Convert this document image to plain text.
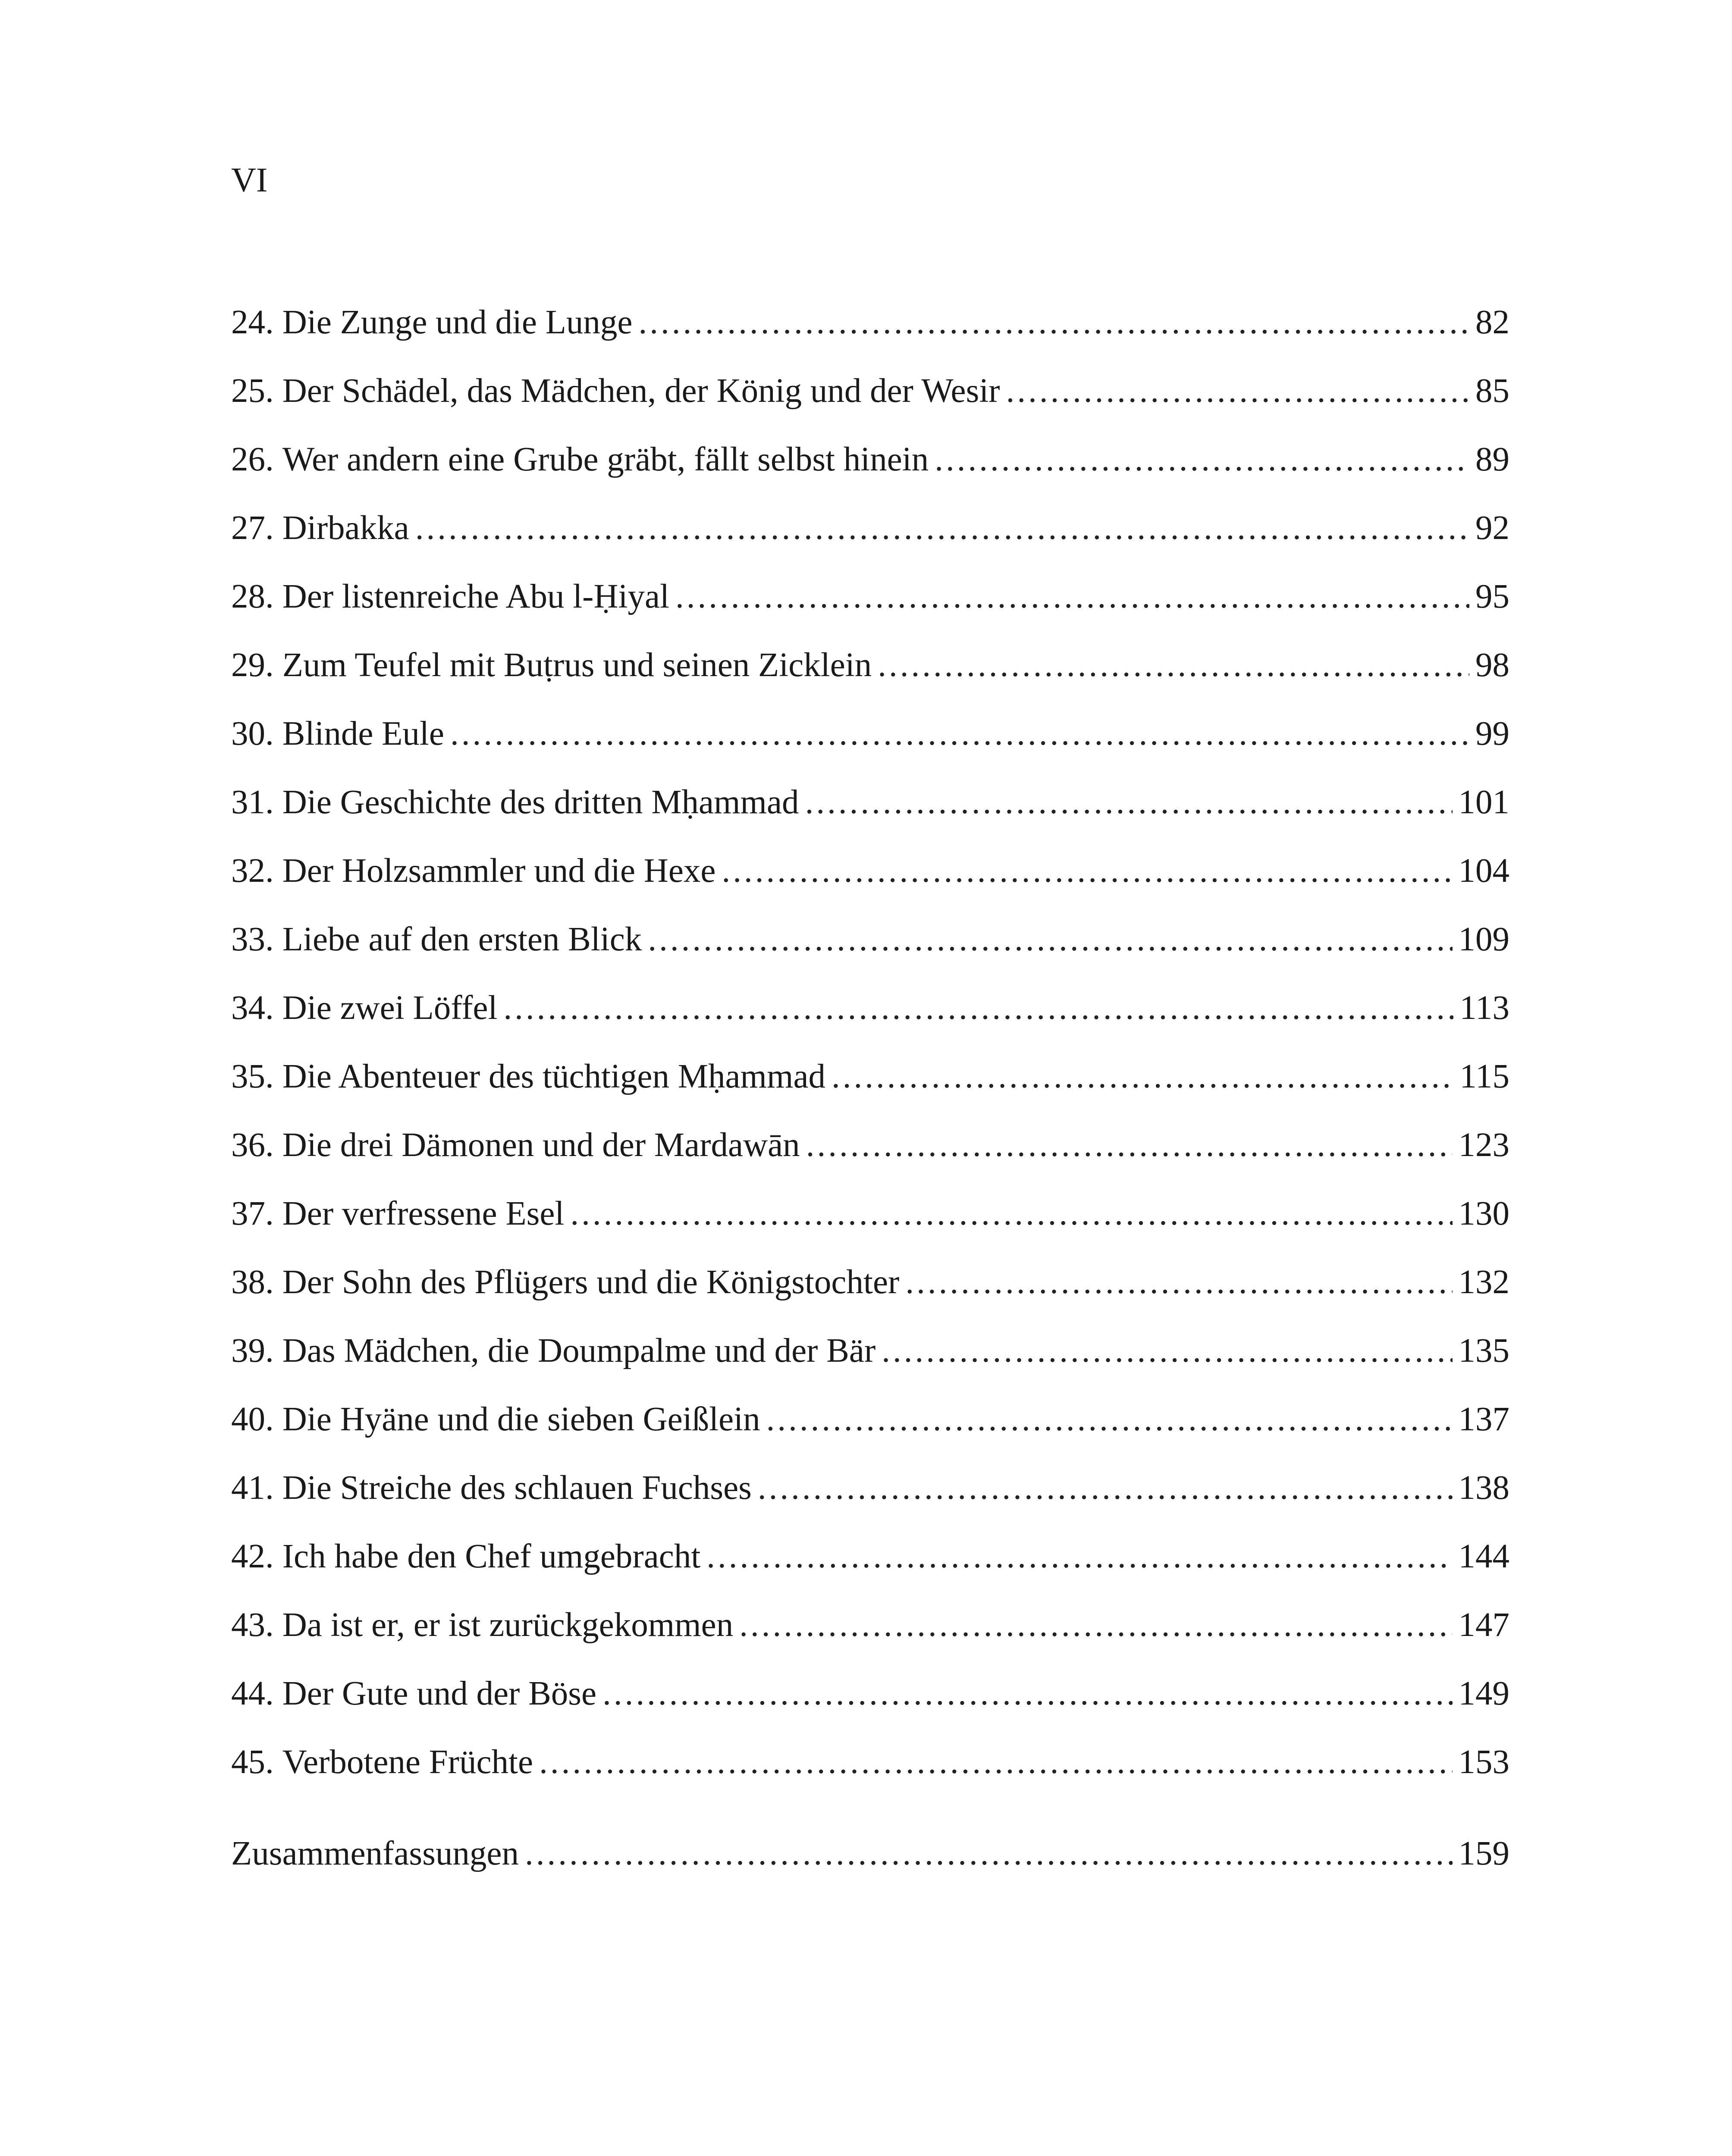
VI
24. Die Zunge und die Lunge .....	82
25. Der Schädel, das Mädchen, der König und der Wesir .....	85
26. Wer andern eine Grube gräbt, fällt selbst hinein .....	89
27. Dirbakka .....	92
28. Der listenreiche Abu l-Ḥiyal .....	95
29. Zum Teufel mit Buṭrus und seinen Zicklein .....	98
30. Blinde Eule .....	99
31. Die Geschichte des dritten Mḥammad .....	101
32. Der Holzsammler und die Hexe .....	104
33. Liebe auf den ersten Blick .....	109
34. Die zwei Löffel .....	113
35. Die Abenteuer des tüchtigen Mḥammad .....	115
36. Die drei Dämonen und der Mardawān .....	123
37. Der verfressene Esel .....	130
38. Der Sohn des Pflügers und die Königstochter .....	132
39. Das Mädchen, die Doumpalme und der Bär .....	135
40. Die Hyäne und die sieben Geißlein .....	137
41. Die Streiche des schlauen Fuchses .....	138
42. Ich habe den Chef umgebracht .....	144
43. Da ist er, er ist zurückgekommen .....	147
44. Der Gute und der Böse .....	149
45. Verbotene Früchte .....	153
Zusammenfassungen .....	159
